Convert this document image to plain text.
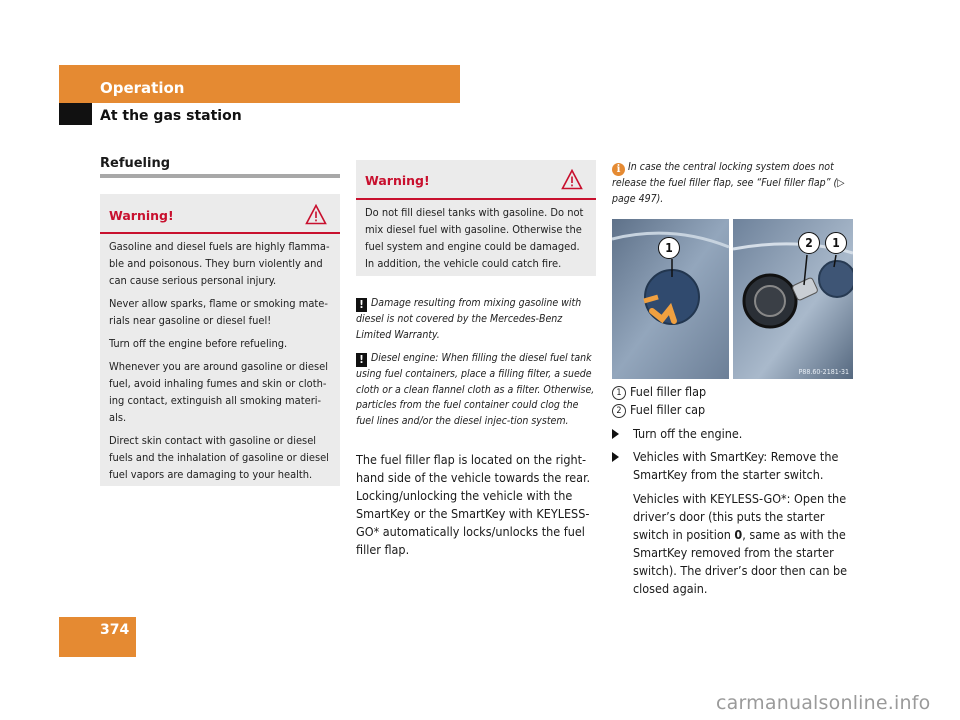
Operation
At the gas station
Refueling
Warning!

Gasoline and diesel fuels are highly flamma-ble and poisonous. They burn violently and can cause serious personal injury.

Never allow sparks, flame or smoking mate-rials near gasoline or diesel fuel!

Turn off the engine before refueling.

Whenever you are around gasoline or diesel fuel, avoid inhaling fumes and skin or cloth-ing contact, extinguish all smoking materi-als.

Direct skin contact with gasoline or diesel fuels and the inhalation of gasoline or diesel fuel vapors are damaging to your health.

Warning!
Do not fill diesel tanks with gasoline. Do not mix diesel fuel with gasoline. Otherwise the fuel system and engine could be damaged. In addition, the vehicle could catch fire.
! Damage resulting from mixing gasoline with diesel is not covered by the Mercedes-Benz Limited Warranty.
! Diesel engine: When filling the diesel fuel tank using fuel containers, place a filling filter, a suede cloth or a clean flannel cloth as a filter. Otherwise, particles from the fuel container could clog the fuel lines and/or the diesel injec-tion system.
The fuel filler flap is located on the right-hand side of the vehicle towards the rear. Locking/unlocking the vehicle with the SmartKey or the SmartKey with KEYLESS-GO* automatically locks/unlocks the fuel filler flap.
i In case the central locking system does not release the fuel filler flap, see “Fuel filler flap” (▷ page 497).
1	2	1
P88.60-2181-31
1 Fuel filler flap
2 Fuel filler cap
Turn off the engine.
Vehicles with SmartKey: Remove the SmartKey from the starter switch.
Vehicles with KEYLESS-GO*: Open the driver’s door (this puts the starter switch in position 0, same as with the SmartKey removed from the starter switch). The driver’s door then can be closed again.
374
carmanualsonline.info
